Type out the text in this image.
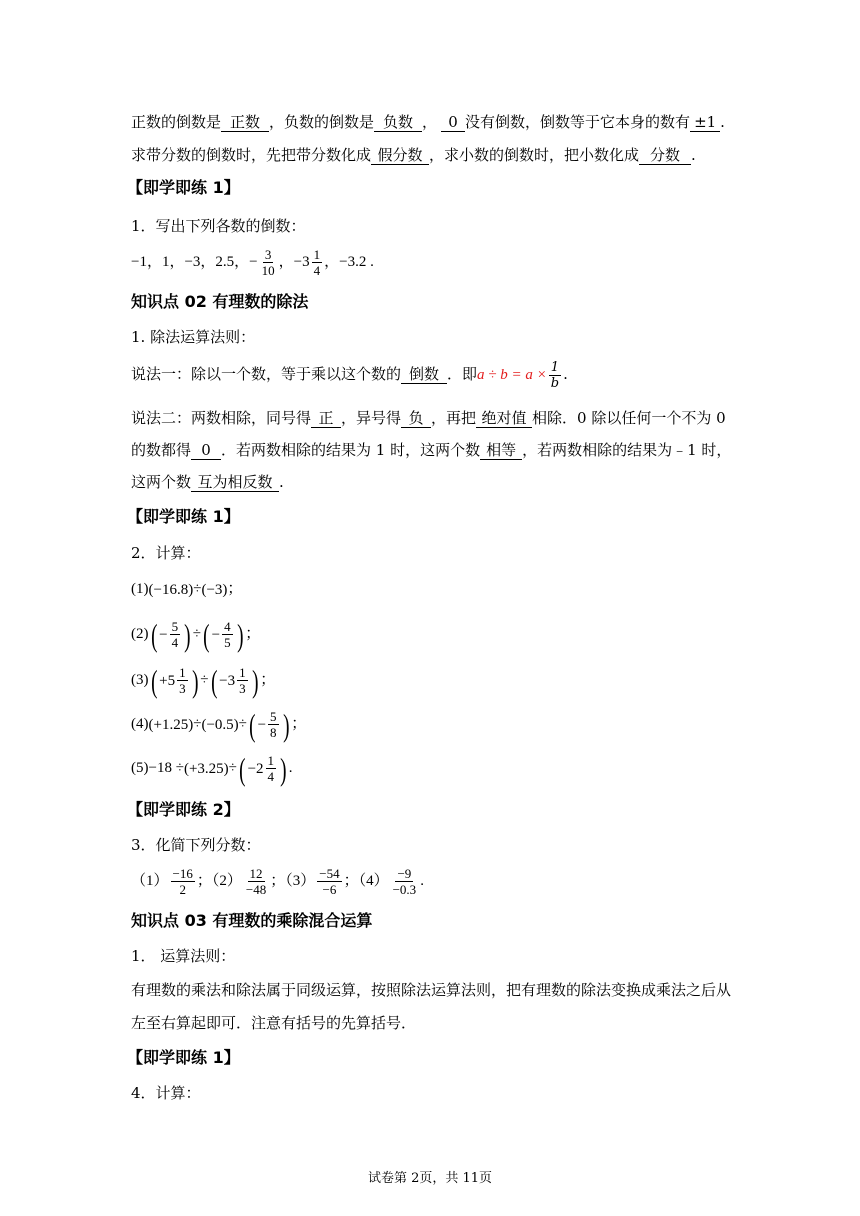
正数的倒数是 正数 ，负数的倒数是 负数 ， 0 没有倒数，倒数等于它本身的数有 ±1 .
求带分数的倒数时，先把带分数化成 假分数 ，求小数的倒数时，把小数化成 分数 .
【即学即练 1】
1．写出下列各数的倒数：
−1，1，−3，2.5，− $\frac{3}{10}$ ，$-3 \frac{1}{4}$ ，−3.2 .
知识点 02 有理数的除法
1. 除法运算法则：
说法一：除以一个数，等于乘以这个数的 倒数 ．即$a \div b = a \times \frac{1}{b}$ .
说法二：两数相除，同号得 正 ，异号得 负 ，再把 绝对值 相除．0 除以任何一个不为 0
的数都得 0 ．若两数相除的结果为 1 时，这两个数 相等 ，若两数相除的结果为﹣1 时，
这两个数 互为相反数 .
【即学即练 1】
2．计算：
(1)( −16.8 )÷( −3 )；
(2) ( − $\frac{5}{4}$ ) ÷ ( − $\frac{4}{5}$ ) ；
(3) ( $+5 \frac{1}{3}$ ) ÷ ( $-3 \frac{1}{3}$ ) ；
(4)( +1.25 )÷( −0.5 )÷ ( − $\frac{5}{8}$ ) ；
(5)−18 ÷( +3.25 )÷ ( $-2 \frac{1}{4}$ ) .
【即学即练 2】
3．化简下列分数：
$(1) \frac{-16}{2}$ ；$(2) \frac{12}{-48}$ ；$(3) \frac{-54}{-6}$ ；$(4) \frac{-9}{-0.3}$ .
知识点 03 有理数的乘除混合运算
1． 运算法则：
有理数的乘法和除法属于同级运算，按照除法运算法则，把有理数的除法变换成乘法之后从
左至右算起即可．注意有括号的先算括号．
【即学即练 1】
4．计算：
试卷第 2页，共 11页
